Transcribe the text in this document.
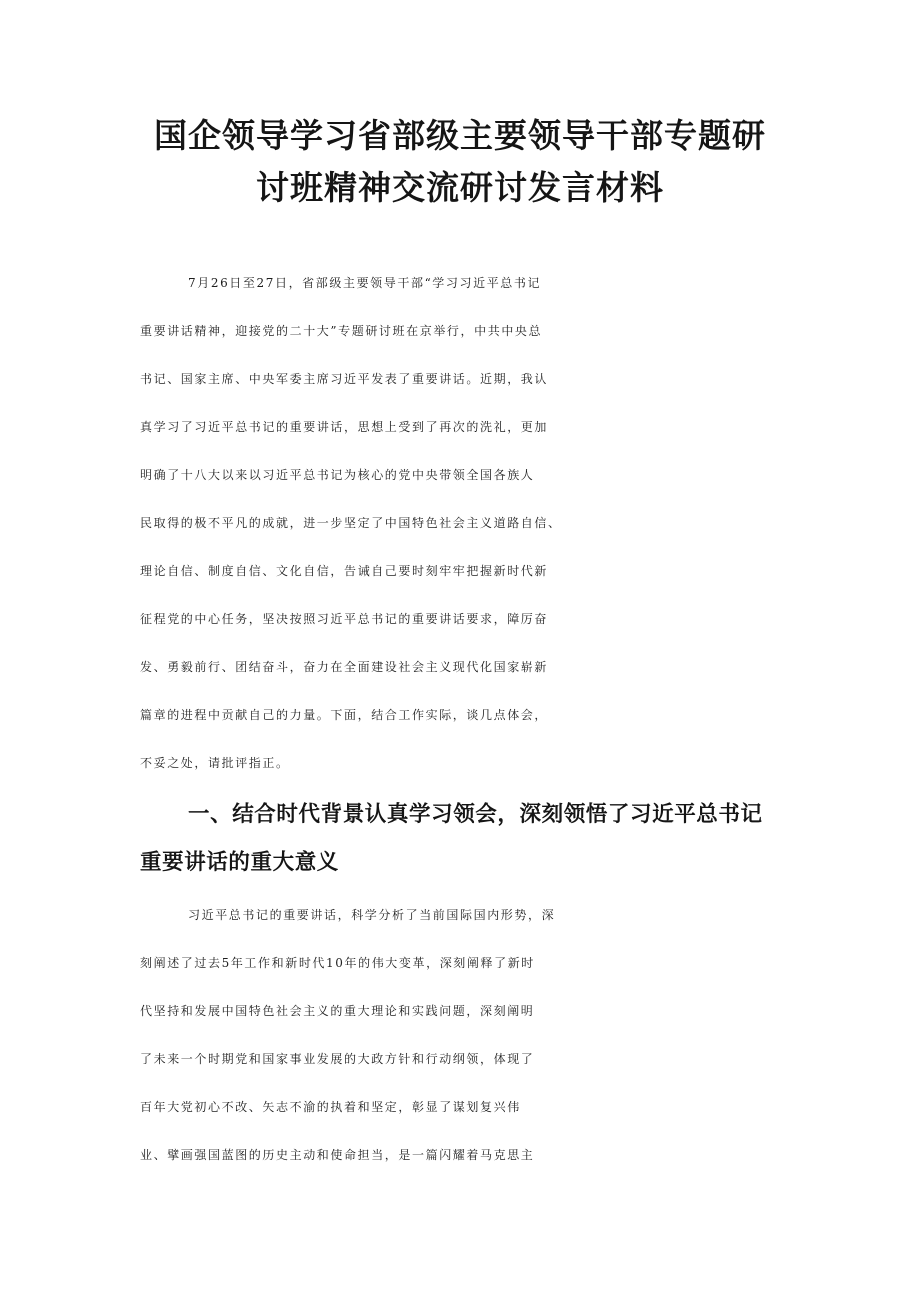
国企领导学习省部级主要领导干部专题研
讨班精神交流研讨发言材料
7月26日至27日，省部级主要领导干部“学习习近平总书记
重要讲话精神，迎接党的二十大”专题研讨班在京举行，中共中央总
书记、国家主席、中央军委主席习近平发表了重要讲话。近期，我认
真学习了习近平总书记的重要讲话，思想上受到了再次的洗礼，更加
明确了十八大以来以习近平总书记为核心的党中央带领全国各族人
民取得的极不平凡的成就，进一步坚定了中国特色社会主义道路自信、
理论自信、制度自信、文化自信，告诫自己要时刻牢牢把握新时代新
征程党的中心任务，坚决按照习近平总书记的重要讲话要求，障厉奋
发、勇毅前行、团结奋斗，奋力在全面建设社会主义现代化国家崭新
篇章的进程中贡献自己的力量。下面，结合工作实际，谈几点体会，
不妥之处，请批评指正。
一、结合时代背景认真学习领会，深刻领悟了习近平总书记
重要讲话的重大意义
习近平总书记的重要讲话，科学分析了当前国际国内形势，深
刻阐述了过去5年工作和新时代10年的伟大变革，深刻阐释了新时
代坚持和发展中国特色社会主义的重大理论和实践问题，深刻阐明
了未来一个时期党和国家事业发展的大政方针和行动纲领，体现了
百年大党初心不改、矢志不渝的执着和坚定，彰显了谋划复兴伟
业、擘画强国蓝图的历史主动和使命担当，是一篇闪耀着马克思主
